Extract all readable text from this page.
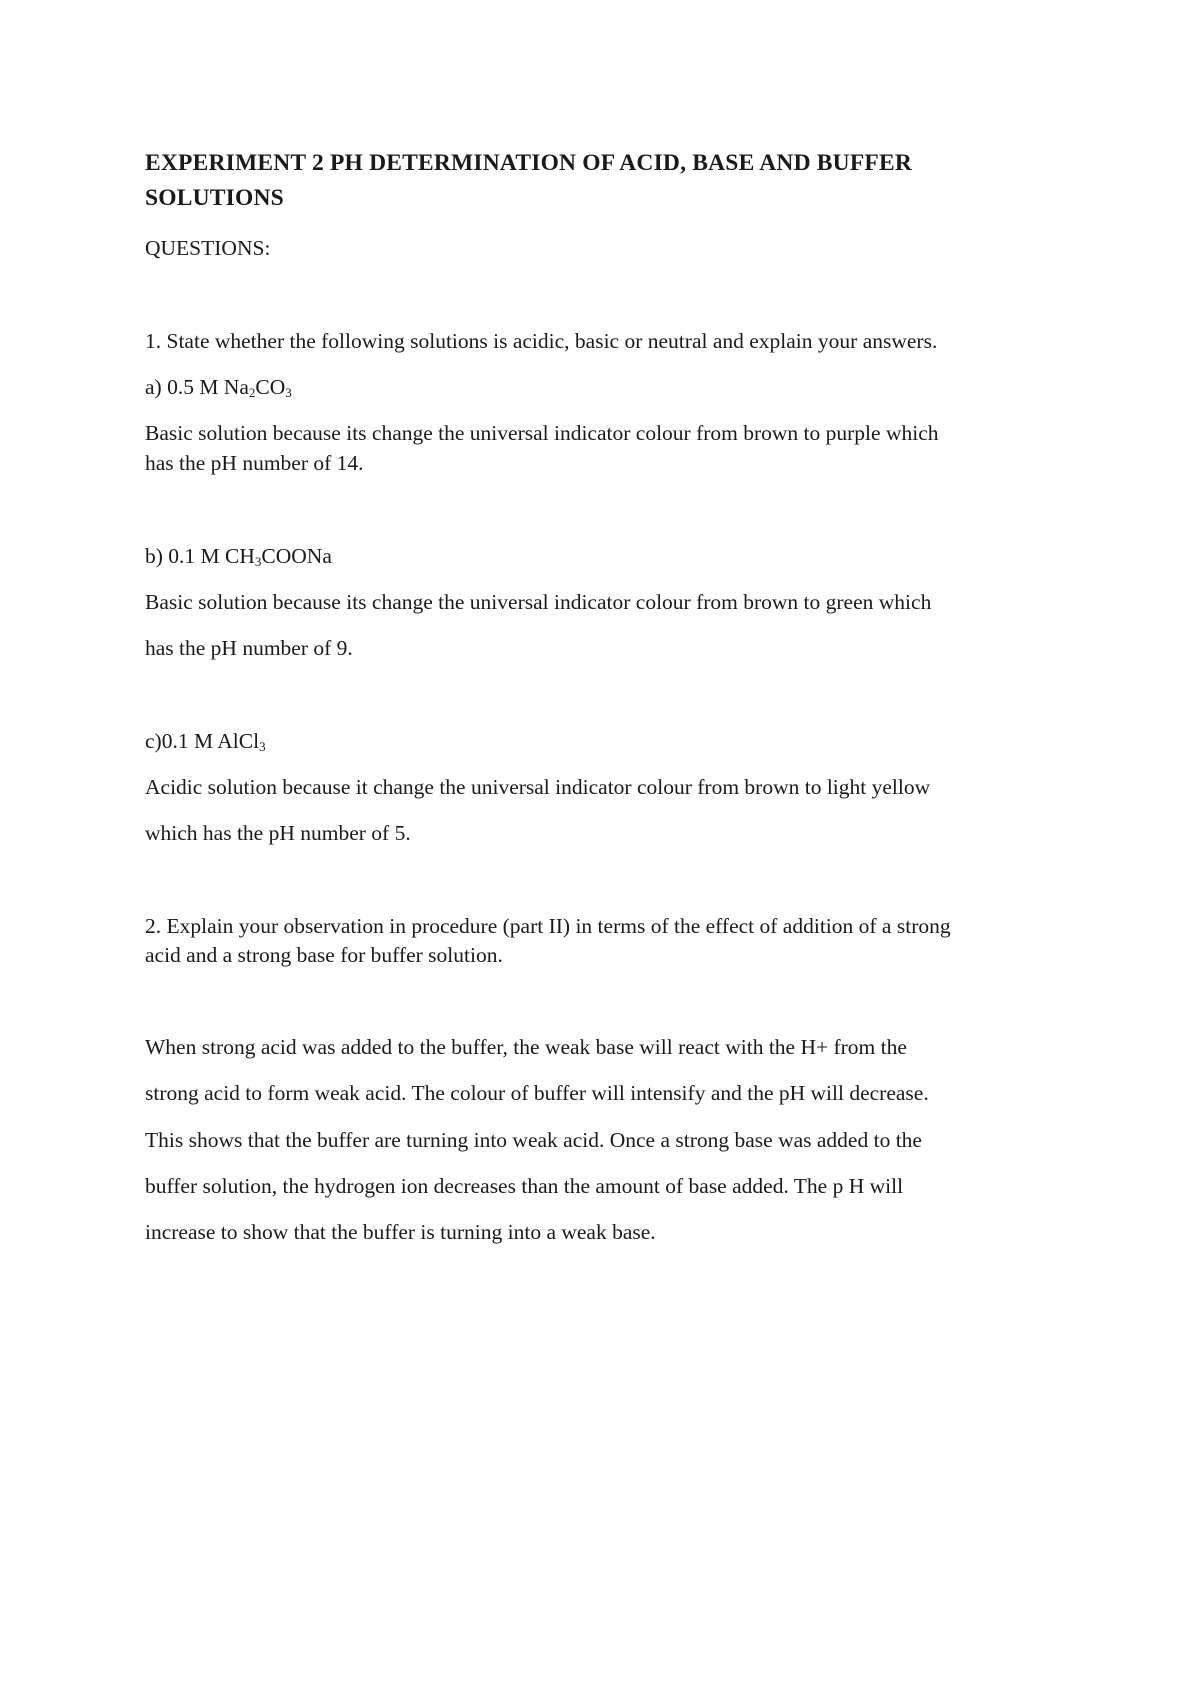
EXPERIMENT 2 PH DETERMINATION OF ACID, BASE AND BUFFER
SOLUTIONS
QUESTIONS:
1. State whether the following solutions is acidic, basic or neutral and explain your answers.
a) 0.5 M $Na_2CO_3$
Basic solution because its change the universal indicator colour from brown to purple which
has the pH number of 14.
b) 0.1 M $CH_3COONa$
Basic solution because its change the universal indicator colour from brown to green which
has the pH number of 9.
c)0.1 M AlCl$_3$
Acidic solution because it change the universal indicator colour from brown to light yellow
which has the pH number of 5.
2. Explain your observation in procedure (part II) in terms of the effect of addition of a strong
acid and a strong base for buffer solution.
When strong acid was added to the buffer, the weak base will react with the H+ from the
strong acid to form weak acid. The colour of buffer will intensify and the pH will decrease.
This shows that the buffer are turning into weak acid. Once a strong base was added to the
buffer solution, the hydrogen ion decreases than the amount of base added. The p H will
increase to show that the buffer is turning into a weak base.
